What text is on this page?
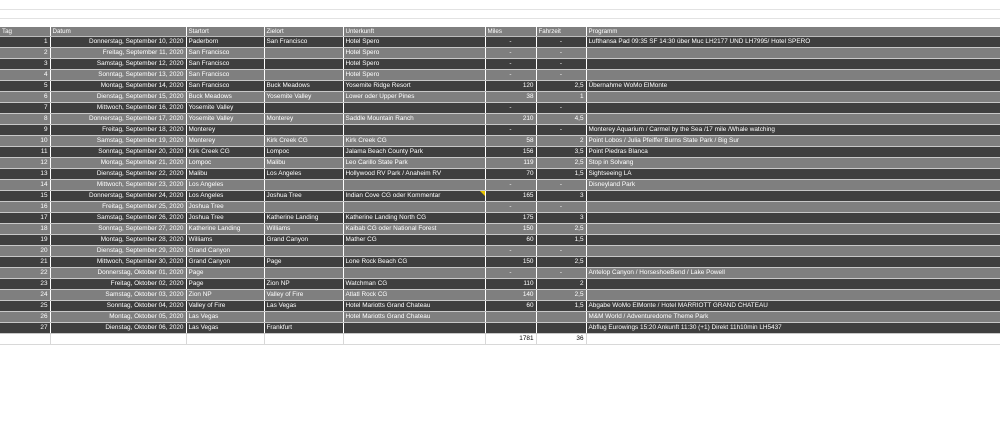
Tag	Datum	Startort	Zielort	Unterkunft	Miles	Fahrzeit	Programm
1	Donnerstag, September 10, 2020	Paderborn	San Francisco	Hotel Spero	-	-	Lufthansa Pad 09:35 SF 14:30 über Muc LH2177 UND LH7995/ Hotel SPERO
2	Freitag, September 11, 2020	San Francisco		Hotel Spero	-	-	
3	Samstag, September 12, 2020	San Francisco		Hotel Spero	-	-	
4	Sonntag, September 13, 2020	San Francisco		Hotel Spero	-	-	
5	Montag, September 14, 2020	San Francisco	Buck Meadows	Yosemite Ridge Resort	120	2,5	Übernahme WoMo ElMonte
6	Dienstag, September 15, 2020	Buck Meadows	Yosemite Valley	Lower oder Upper Pines	38	1	
7	Mittwoch, September 16, 2020	Yosemite Valley			-	-	
8	Donnerstag, September 17, 2020	Yosemite Valley	Monterey	Saddle Mountain Ranch	210	4,5	
9	Freitag, September 18, 2020	Monterey			-	-	Monterey Aquarium / Carmel by the Sea /17 mile /Whale watching
10	Samstag, September 19, 2020	Monterey	Kirk Creek CG	Kirk Creek CG	58	2	Point Lobos / Julia Pfeiffer Burns State Park / Big Sur
11	Sonntag, September 20, 2020	Kirk Creek CG	Lompoc	Jalama Beach County Park	156	3,5	Point Piedras Blanca
12	Montag, September 21, 2020	Lompoc	Malibu	Leo Carillo State Park	119	2,5	Stop in Solvang
13	Dienstag, September 22, 2020	Malibu	Los Angeles	Hollywood RV Park / Anaheim RV	70	1,5	Sightseeing LA
14	Mittwoch, September 23, 2020	Los Angeles			-	-	Disneyland Park
15	Donnerstag, September 24, 2020	Los Angeles	Joshua Tree	Indian Cove CG oder Kommentar	165	3	
16	Freitag, September 25, 2020	Joshua Tree			-	-	
17	Samstag, September 26, 2020	Joshua Tree	Katherine Landing	Katherine Landing North CG	175	3	
18	Sonntag, September 27, 2020	Katherine Landing	Williams	Kaibab CG oder National Forest	150	2,5	
19	Montag, September 28, 2020	Williams	Grand Canyon	Mather CG	60	1,5	
20	Dienstag, September 29, 2020	Grand Canyon			-	-	
21	Mittwoch, September 30, 2020	Grand Canyon	Page	Lone Rock Beach CG	150	2,5	
22	Donnerstag, Oktober 01, 2020	Page			-	-	Antelop Canyon / HorseshoeBend / Lake Powell
23	Freitag, Oktober 02, 2020	Page	Zion NP	Watchman CG	110	2	
24	Samstag, Oktober 03, 2020	Zion NP	Valley of Fire	Atlatl Rock CG	140	2,5	
25	Sonntag, Oktober 04, 2020	Valley of Fire	Las Vegas	Hotel Mariotts Grand Chateau	60	1,5	Abgabe WoMo ElMonte / Hotel MARRIOTT GRAND CHATEAU
26	Montag, Oktober 05, 2020	Las Vegas		Hotel Mariotts Grand Chateau			M&M World / Adventuredome Theme Park
27	Dienstag, Oktober 06, 2020	Las Vegas	Frankfurt				Abflug Eurowings 15:20 Ankunft 11:30 (+1) Direkt 11h10min LH5437
					1781	36	
